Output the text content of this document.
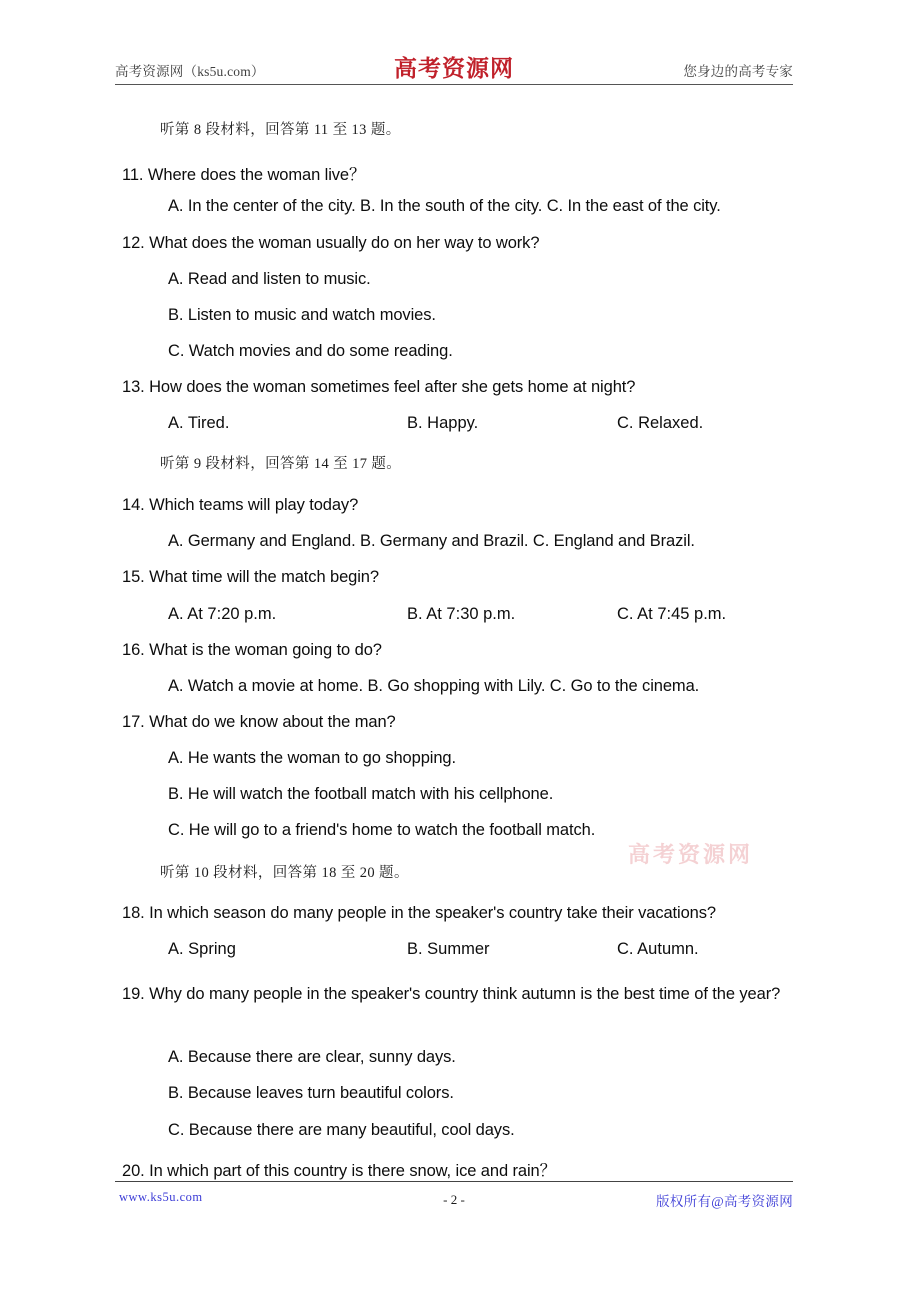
高考资源网（ks5u.com）	高考资源网	您身边的高考专家
听第 8 段材料，回答第 11 至 13 题。
11. Where does the woman live？
A. In the center of the city. B. In the south of the city. C. In the east of the city.
12. What does the woman usually do on her way to work?
A. Read and listen to music.
B. Listen to music and watch movies.
C. Watch movies and do some reading.
13. How does the woman sometimes feel after she gets home at night?
A. Tired.	B. Happy.	C. Relaxed.
听第 9 段材料，回答第 14 至 17 题。
14. Which teams will play today?
A. Germany and England. B. Germany and Brazil. C. England and Brazil.
15. What time will the match begin?
A. At 7:20 p.m.	B. At 7:30 p.m.	C. At 7:45 p.m.
16. What is the woman going to do?
A. Watch a movie at home. B. Go shopping with Lily. C. Go to the cinema.
17. What do we know about the man?
A. He wants the woman to go shopping.
B. He will watch the football match with his cellphone.
C. He will go to a friend's home to watch the football match.
听第 10 段材料，回答第 18 至 20 题。
18. In which season do many people in the speaker's country take their vacations?
A. Spring	B. Summer	C. Autumn.
19. Why do many people in the speaker's country think autumn is the best time of the year?
A. Because there are clear, sunny days.
B. Because leaves turn beautiful colors.
C. Because there are many beautiful, cool days.
20. In which part of this country is there snow, ice and rain？
高考资源网
www.ks5u.com	- 2 -	版权所有@高考资源网
